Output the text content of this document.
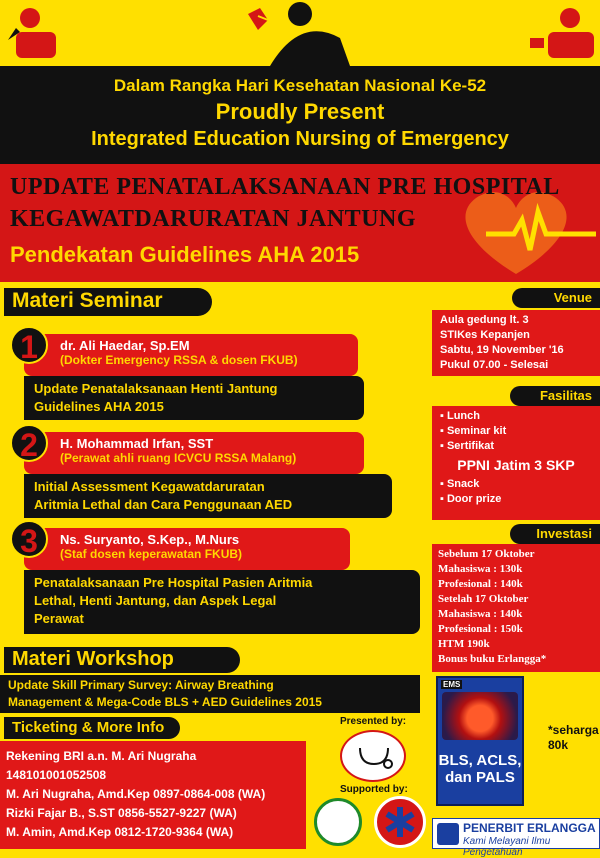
Dalam Rangka Hari Kesehatan Nasional Ke-52
Proudly Present
Integrated Education Nursing of Emergency
UPDATE PENATALAKSANAAN PRE HOSPITAL
KEGAWATDARURATAN JANTUNG
Pendekatan Guidelines AHA 2015
Materi Seminar
dr. Ali Haedar, Sp.EM
(Dokter Emergency RSSA & dosen FKUB)
1
Update Penatalaksanaan Henti Jantung
Guidelines AHA 2015
H. Mohammad Irfan, SST
(Perawat ahli ruang ICVCU RSSA Malang)
2
Initial Assessment Kegawatdaruratan
Aritmia Lethal dan Cara Penggunaan AED
Ns. Suryanto, S.Kep., M.Nurs
(Staf dosen keperawatan FKUB)
3
Penatalaksanaan Pre Hospital Pasien Aritmia
Lethal, Henti Jantung, dan Aspek Legal
Perawat
Venue
Aula gedung lt. 3
STIKes Kepanjen
Sabtu, 19 November '16
Pukul 07.00 - Selesai
Fasilitas
▪ Lunch
▪ Seminar kit
▪ Sertifikat
PPNI Jatim 3 SKP
▪ Snack
▪ Door prize
Investasi
Sebelum 17 Oktober
Mahasiswa : 130k
Profesional : 140k
Setelah 17 Oktober
Mahasiswa : 140k
Profesional : 150k
HTM 190k
Bonus buku Erlangga*
Materi Workshop
Update Skill Primary Survey: Airway Breathing
Management & Mega-Code BLS + AED Guidelines 2015
Ticketing & More Info
Rekening BRI a.n. M. Ari Nugraha
148101001052508
M. Ari Nugraha, Amd.Kep 0897-0864-008 (WA)
Rizki Fajar B., S.ST 0856-5527-9227 (WA)
M. Amin, Amd.Kep 0812-1720-9364 (WA)
Presented by:
Supported by:
EMS
BLS, ACLS,
dan PALS
*seharga
80k
PENERBIT ERLANGGA
Kami Melayani Ilmu Pengetahuan
